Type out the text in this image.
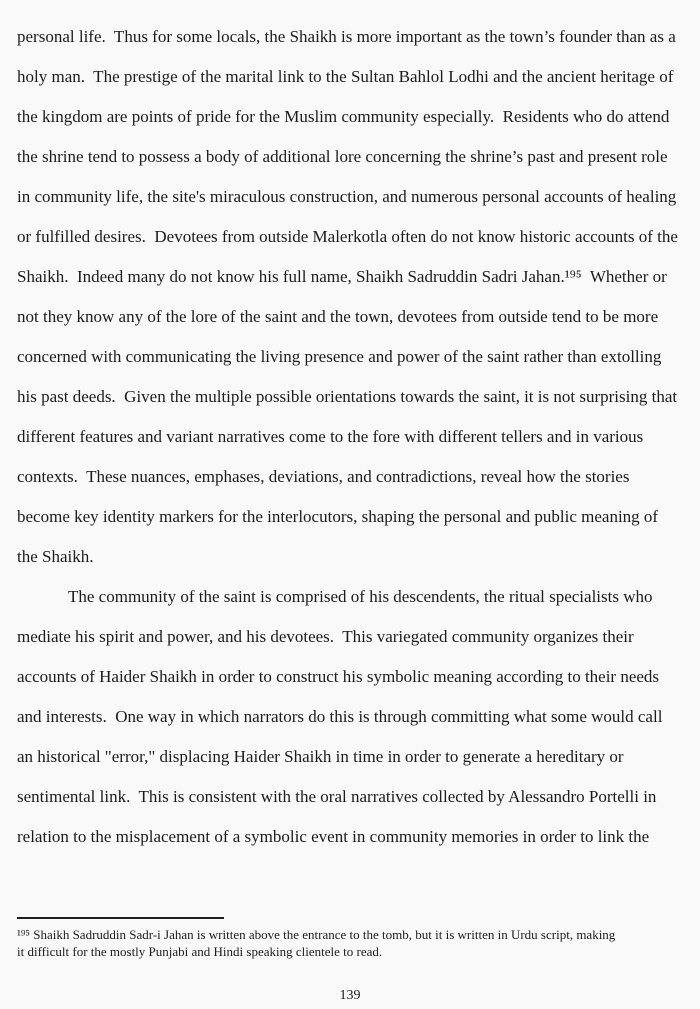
personal life.  Thus for some locals, the Shaikh is more important as the town’s founder than as a
holy man.  The prestige of the marital link to the Sultan Bahlol Lodhi and the ancient heritage of
the kingdom are points of pride for the Muslim community especially.  Residents who do attend
the shrine tend to possess a body of additional lore concerning the shrine’s past and present role
in community life, the site's miraculous construction, and numerous personal accounts of healing
or fulfilled desires.  Devotees from outside Malerkotla often do not know historic accounts of the
Shaikh.  Indeed many do not know his full name, Shaikh Sadruddin Sadri Jahan.¹⁹⁵  Whether or
not they know any of the lore of the saint and the town, devotees from outside tend to be more
concerned with communicating the living presence and power of the saint rather than extolling
his past deeds.  Given the multiple possible orientations towards the saint, it is not surprising that
different features and variant narratives come to the fore with different tellers and in various
contexts.  These nuances, emphases, deviations, and contradictions, reveal how the stories
become key identity markers for the interlocutors, shaping the personal and public meaning of
the Shaikh.
The community of the saint is comprised of his descendents, the ritual specialists who
mediate his spirit and power, and his devotees.  This variegated community organizes their
accounts of Haider Shaikh in order to construct his symbolic meaning according to their needs
and interests.  One way in which narrators do this is through committing what some would call
an historical "error," displacing Haider Shaikh in time in order to generate a hereditary or
sentimental link.  This is consistent with the oral narratives collected by Alessandro Portelli in
relation to the misplacement of a symbolic event in community memories in order to link the
¹⁹⁵ Shaikh Sadruddin Sadr-i Jahan is written above the entrance to the tomb, but it is written in Urdu script, making
it difficult for the mostly Punjabi and Hindi speaking clientele to read.
139
